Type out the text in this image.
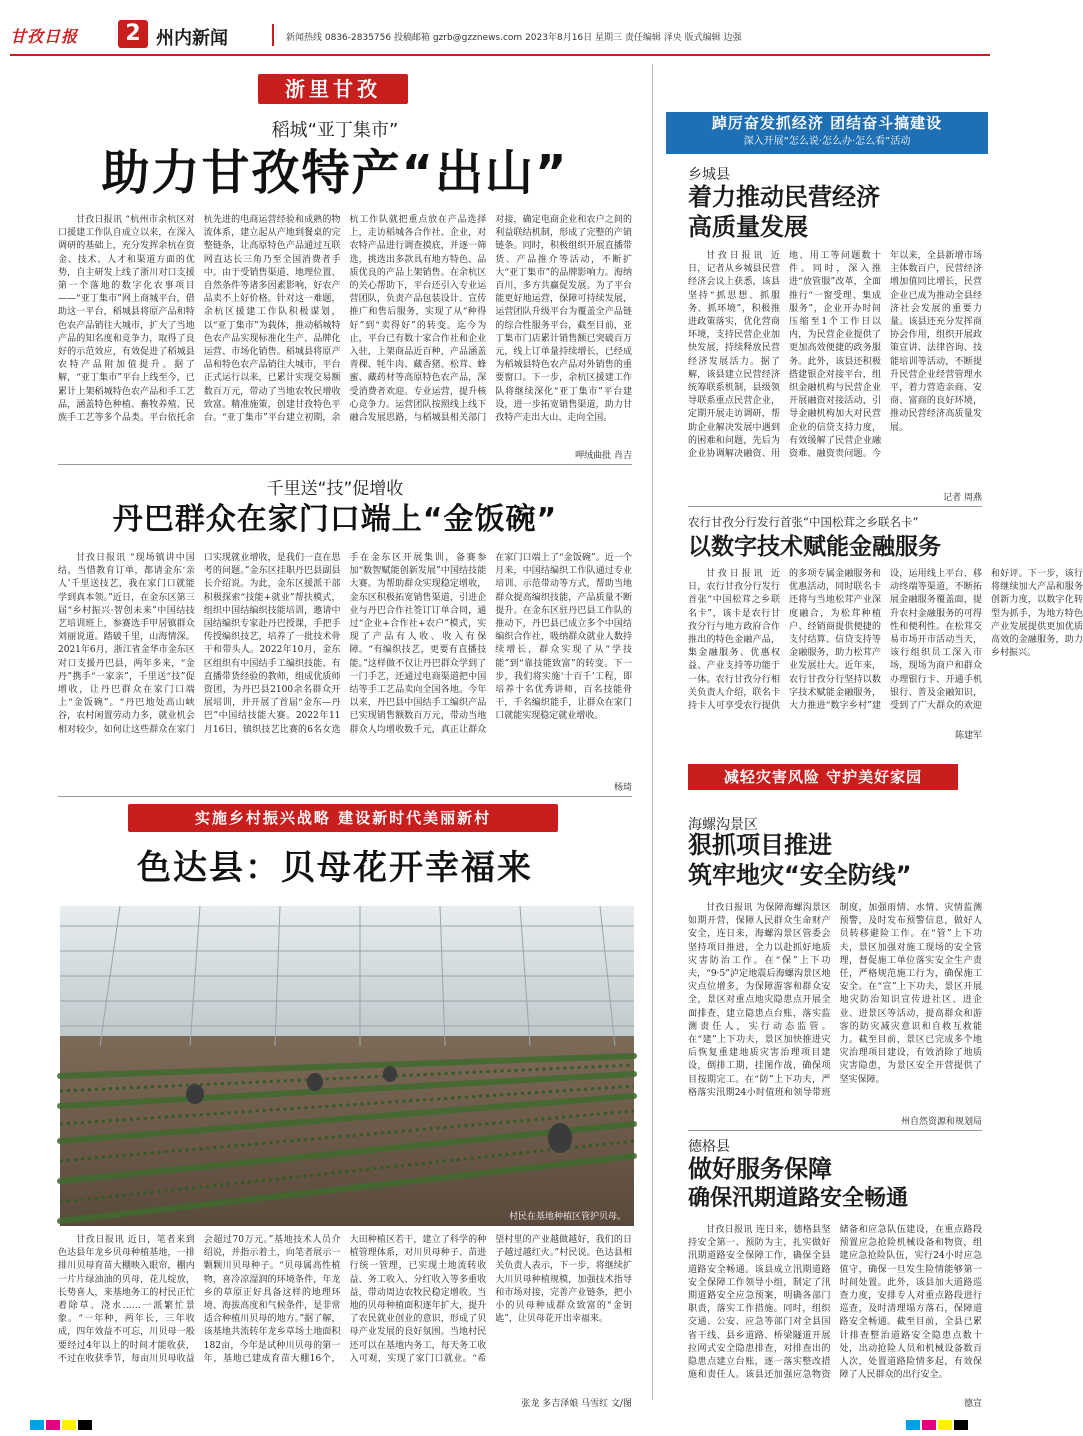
甘孜日报	2 州内新闻	新闻热线 0836-2835756 投稿邮箱 gzrb@gzznews.com 2023年8月16日 星期三 责任编辑 泽央 版式编辑 边强
浙里甘孜
稻城“亚丁集市”
助力甘孜特产“出山”
甘孜日报讯 “杭州市余杭区对口援建工作队自成立以来，在深入调研的基础上，充分发挥余杭在资金、技术、人才和渠道方面的优势，自主研发上线了浙川对口支援第一个落地的数字化农事项目——“亚丁集市”网上商城平台，借助这一平台，稻城县将原产品和特色农产品销往大城市，扩大了当地产品的知名度和竞争力，取得了良好的示范效应，有效促进了稻城县农特产品附加值提升。据了解，“亚丁集市”平台上线至今，已累计上架稻城特色农产品和手工艺品，涵盖特色种植、畜牧养殖、民族手工艺等多个品类。平台依托余杭先进的电商运营经验和成熟的物流体系，建立起从产地到餐桌的完整链条，让高原特色产品通过互联网直达长三角乃至全国消费者手中。由于受销售渠道、地理位置、自然条件等诸多因素影响，好农产品卖不上好价格。针对这一难题，余杭区援建工作队积极谋划，以“亚丁集市”为载体，推动稻城特色农产品实现标准化生产、品牌化运营、市场化销售。稻城县将原产品和特色农产品销往大城市，平台正式运行以来，已累计实现交易额数百万元，带动了当地农牧民增收致富。精准施策，创建甘孜特色平台。“亚丁集市”平台建立初期，余杭工作队就把重点放在产品选择上，走访稻城各合作社、企业，对农特产品进行调查摸底，并逐一筛选，挑选出多款具有地方特色、品质优良的产品上架销售。在余杭区的关心帮助下，平台还引入专业运营团队，负责产品包装设计、宣传推广和售后服务，实现了从“种得好”到“卖得好”的转变。迄今为止，平台已有数十家合作社和企业入驻，上架商品近百种，产品涵盖青稞、牦牛肉、藏香猪、松茸、蜂蜜、藏药材等高原特色农产品，深受消费者欢迎。专业运营，提升核心竞争力。运营团队按照线上线下融合发展思路，与稻城县相关部门对接，确定电商企业和农户之间的利益联结机制，形成了完整的产销链条。同时，积极组织开展直播带货、产品推介等活动，不断扩大“亚丁集市”的品牌影响力。海纳百川，多方共赢促发展。为了平台能更好地运营，保障可持续发展，运营团队升级平台为覆盖全产品链的综合性服务平台，截至目前，亚丁集市门店累计销售额已突破百万元，线上订单量持续增长，已经成为稻城县特色农产品对外销售的重要窗口。下一步，余杭区援建工作队将继续深化“亚丁集市”平台建设，进一步拓宽销售渠道，助力甘孜特产走出大山、走向全国。
呷绒曲批 肖吉
千里送“技”促增收
丹巴群众在家门口端上“金饭碗”
甘孜日报讯 “现场镇讲中国结，当惜教育订单，都请金东‘亲人’千里送技艺，我在家门口就能学到真本领。”近日，在金东区第三届“乡村振兴·智创未来”中国结技艺培训班上，参赛选手甲居镇群众刘丽说道。踏破千里，山海情深。2021年6月，浙江省金华市金东区对口支援丹巴县，两年多来，“金丹”携手“一家亲”，千里送“技”促增收，让丹巴群众在家门口端上“金饭碗”。“丹巴地处高山峡谷，农村闲置劳动力多，就业机会相对较少，如何让这些群众在家门口实现就业增收，是我们一直在思考的问题。”金东区挂职丹巴县副县长介绍说。为此，金东区援派干部积极探索“技能+就业”帮扶模式，组织中国结编织技能培训，邀请中国结编织专家赴丹巴授课，手把手传授编织技艺，培养了一批技术骨干和带头人。2022年10月，金东区组织有中国结手工编织技能、有直播带货经验的教师，组成优质师资团，为丹巴县2100余名群众开展培训，并开展了首届“金东—丹巴”中国结技能大赛。2022年11月16日，镇织技艺比赛的6名女选手在金东区开展集训，备赛参加“数智赋能创新发展”中国结技能大赛。为帮助群众实现稳定增收，金东区积极拓宽销售渠道，引进企业与丹巴合作社签订订单合同，通过“企业+合作社+农户”模式，实现了产品有人收、收入有保障。“有编织技艺，更要有直播技能。”这样做不仅让丹巴群众学到了一门手艺，还通过电商渠道把中国结等手工艺品卖向全国各地。今年以来，丹巴县中国结手工编织产品已实现销售额数百万元，带动当地群众人均增收数千元，真正让群众在家门口端上了“金饭碗”。近一个月来，中国结编织工作队通过专业培训、示范带动等方式，帮助当地群众提高编织技能，产品质量不断提升。在金东区驻丹巴县工作队的推动下，丹巴县已成立多个中国结编织合作社，吸纳群众就业人数持续增长，群众实现了从“学技能”到“靠技能致富”的转变。下一步，我们将实施‘十百千’工程，即培养十名优秀讲师，百名技能骨干，千名编织能手，让群众在家门口就能实现稳定就业增收。
杨琦
实施乡村振兴战略 建设新时代美丽新村
色达县：贝母花开幸福来
村民在基地种植区管护贝母。
甘孜日报讯 近日，笔者来到色达县年龙乡贝母种植基地，一排排川贝母育苗大棚映入眼帘，棚内一片片绿油油的贝母，花儿绽放，长势喜人，来基地务工的村民正忙着除草、浇水……一派繁忙景象。“一年种，两年长，三年收成，四年效益不可忘，川贝母一般要经过4年以上的时间才能收获，不过在收获季节，每亩川贝母收益会超过70万元。”基地技术人员介绍说，并指示着土，向笔者展示一颗颗川贝母种子。“贝母属高性植物，喜冷凉湿润的环境条件，年龙乡的草原正好具备这样的地理环境、海拔高度和气候条件，是非常适合种植川贝母的地方。”据了解，该基地共流转年龙乡草场土地面积182亩，今年是试种川贝母的第一年，基地已建成育苗大棚16个，大田种植区若干，建立了科学的种植管理体系，对川贝母种子、苗进行统一管理，已实现土地流转收益、务工收入、分红收入等多重收益，带动周边农牧民稳定增收。当地的贝母种植面积逐年扩大，提升了农民就业创业的意识，形成了贝母产业发展的良好氛围。当地村民还可以在基地内务工，每天务工收入可观，实现了家门口就业。“希望村里的产业越做越好，我们的日子越过越红火。”村民说。色达县相关负责人表示，下一步，将继续扩大川贝母种植规模，加强技术指导和市场对接，完善产业链条，把小小的贝母种成群众致富的“金钥匙”，让贝母花开出幸福来。
张龙 多吉泽娘 马雪红 文/图
踔厉奋发抓经济 团结奋斗搞建设
深入开展“怎么说·怎么办·怎么看”活动
乡城县
着力推动民营经济
高质量发展
甘孜日报讯 近日，记者从乡城县民营经济会议上获悉，该县坚持“抓思想、抓服务、抓环境”，积极推进政策落实，优化营商环境，支持民营企业加快发展，持续释放民营经济发展活力。据了解，该县建立民营经济统筹联系机制，县级领导联系重点民营企业，定期开展走访调研，帮助企业解决发展中遇到的困难和问题，先后为企业协调解决融资、用地、用工等问题数十件。同时，深入推进“放管服”改革，全面推行“一窗受理、集成服务”，企业开办时间压缩至1个工作日以内，为民营企业提供了更加高效便捷的政务服务。此外，该县还积极搭建银企对接平台，组织金融机构与民营企业开展融资对接活动，引导金融机构加大对民营企业的信贷支持力度，有效缓解了民营企业融资难、融资贵问题。今年以来，全县新增市场主体数百户，民营经济增加值同比增长，民营企业已成为推动全县经济社会发展的重要力量。该县还充分发挥商协会作用，组织开展政策宣讲、法律咨询、技能培训等活动，不断提升民营企业经营管理水平，着力营造亲商、安商、富商的良好环境，推动民营经济高质量发展。
记者 周燕
农行甘孜分行发行首张“中国松茸之乡联名卡”
以数字技术赋能金融服务
甘孜日报讯 近日，农行甘孜分行发行首张“中国松茸之乡联名卡”，该卡是农行甘孜分行与地方政府合作推出的特色金融产品，集金融服务、优惠权益、产业支持等功能于一体。农行甘孜分行相关负责人介绍，联名卡持卡人可享受农行提供的多项专属金融服务和优惠活动，同时联名卡还将与当地松茸产业深度融合，为松茸种植户、经销商提供便捷的支付结算、信贷支持等金融服务，助力松茸产业发展壮大。近年来，农行甘孜分行坚持以数字技术赋能金融服务，大力推进“数字乡村”建设，运用线上平台、移动终端等渠道，不断拓展金融服务覆盖面，提升农村金融服务的可得性和便利性。在松茸交易市场开市活动当天，该行组织员工深入市场，现场为商户和群众办理银行卡、开通手机银行、普及金融知识，受到了广大群众的欢迎和好评。下一步，该行将继续加大产品和服务创新力度，以数字化转型为抓手，为地方特色产业发展提供更加优质高效的金融服务，助力乡村振兴。
陈建军
减轻灾害风险 守护美好家园
海螺沟景区
狠抓项目推进
筑牢地灾“安全防线”
甘孜日报讯 为保障海螺沟景区如期开营，保障人民群众生命财产安全，连日来，海螺沟景区管委会坚持项目推进，全力以赴抓好地质灾害防治工作。在“保”上下功夫，“9·5”泸定地震后海螺沟景区地灾点位增多，为保障游客和群众安全，景区对重点地灾隐患点开展全面排查，建立隐患点台账，落实监测责任人，实行动态监管。在“建”上下功夫，景区加快推进灾后恢复重建地质灾害治理项目建设，倒排工期，挂图作战，确保项目按期完工。在“防”上下功夫，严格落实汛期24小时值班和领导带班制度，加强雨情、水情、灾情监测预警，及时发布预警信息，做好人员转移避险工作。在“管”上下功夫，景区加强对施工现场的安全管理，督促施工单位落实安全生产责任，严格规范施工行为，确保施工安全。在“宣”上下功夫，景区开展地灾防治知识宣传进社区、进企业、进景区等活动，提高群众和游客的防灾减灾意识和自救互救能力。截至目前，景区已完成多个地灾治理项目建设，有效消除了地质灾害隐患，为景区安全开营提供了坚实保障。
州自然资源和规划局
德格县
做好服务保障
确保汛期道路安全畅通
甘孜日报讯 连日来，德格县坚持安全第一、预防为主，扎实做好汛期道路安全保障工作，确保全县道路安全畅通。该县成立汛期道路安全保障工作领导小组，制定了汛期道路安全应急预案，明确各部门职责，落实工作措施。同时，组织交通、公安、应急等部门对全县国省干线、县乡道路、桥梁隧道开展拉网式安全隐患排查，对排查出的隐患点建立台账，逐一落实整改措施和责任人。该县还加强应急物资储备和应急队伍建设，在重点路段预置应急抢险机械设备和物资，组建应急抢险队伍，实行24小时应急值守，确保一旦发生险情能够第一时间处置。此外，该县加大道路巡查力度，安排专人对重点路段进行巡查，及时清理塌方落石，保障道路安全畅通。截至目前，全县已累计排查整治道路安全隐患点数十处，出动抢险人员和机械设备数百人次，处置道路险情多起，有效保障了人民群众的出行安全。
德宣
